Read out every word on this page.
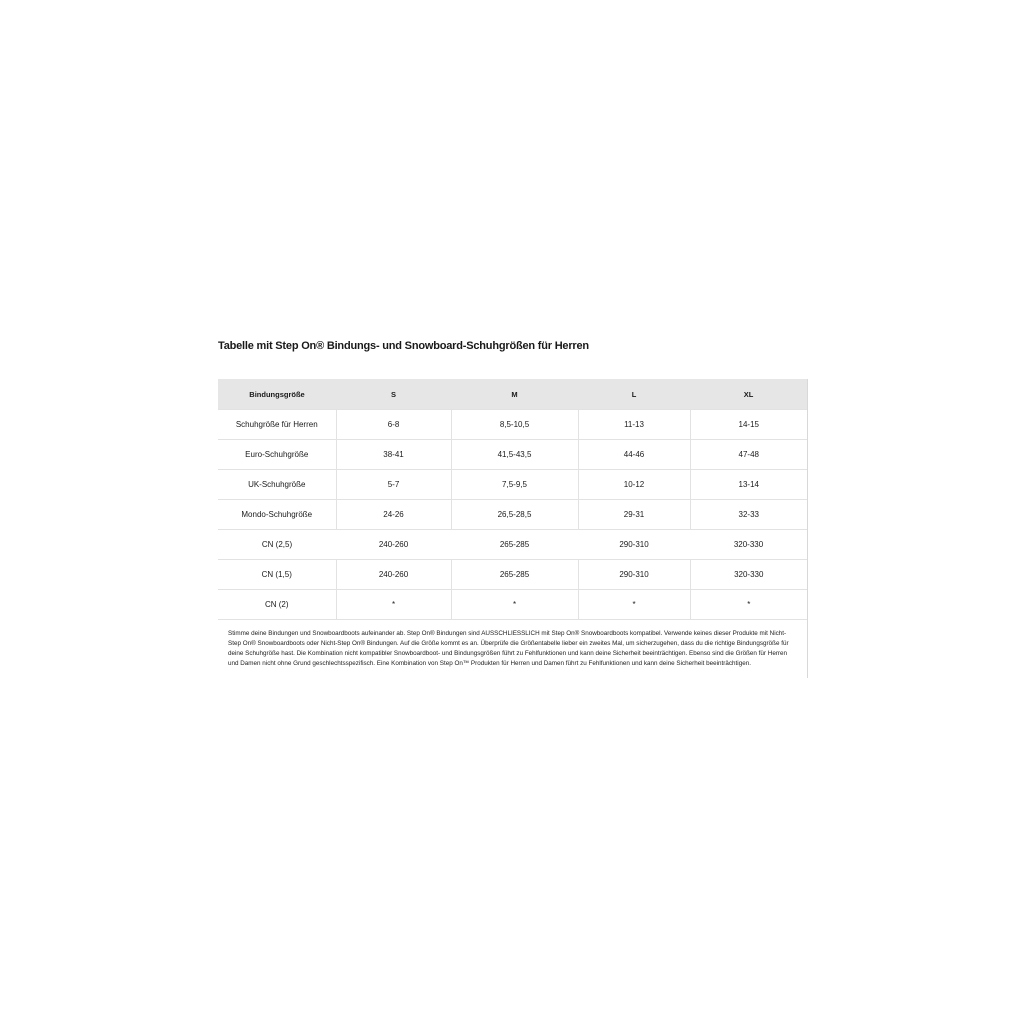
Tabelle mit Step On® Bindungs- und Snowboard-Schuhgrößen für Herren
Bindungsgröße	S	M	L	XL
Schuhgröße für Herren	6-8	8,5-10,5	11-13	14-15
Euro-Schuhgröße	38-41	41,5-43,5	44-46	47-48
UK-Schuhgröße	5-7	7,5-9,5	10-12	13-14
Mondo-Schuhgröße	24-26	26,5-28,5	29-31	32-33
CN (2,5)	240-260	265-285	290-310	320-330
CN (1,5)	240-260	265-285	290-310	320-330
CN (2)	*	*	*	*
Stimme deine Bindungen und Snowboardboots aufeinander ab. Step On® Bindungen sind AUSSCHLIESSLICH mit Step On® Snowboardboots kompatibel. Verwende keines dieser Produkte mit Nicht-Step On® Snowboardboots oder Nicht-Step On® Bindungen. Auf die Größe kommt es an. Überprüfe die Größentabelle lieber ein zweites Mal, um sicherzugehen, dass du die richtige Bindungsgröße für deine Schuhgröße hast. Die Kombination nicht kompatibler Snowboardboot- und Bindungsgrößen führt zu Fehlfunktionen und kann deine Sicherheit beeinträchtigen. Ebenso sind die Größen für Herren und Damen nicht ohne Grund geschlechtsspezifisch. Eine Kombination von Step On™ Produkten für Herren und Damen führt zu Fehlfunktionen und kann deine Sicherheit beeinträchtigen.
